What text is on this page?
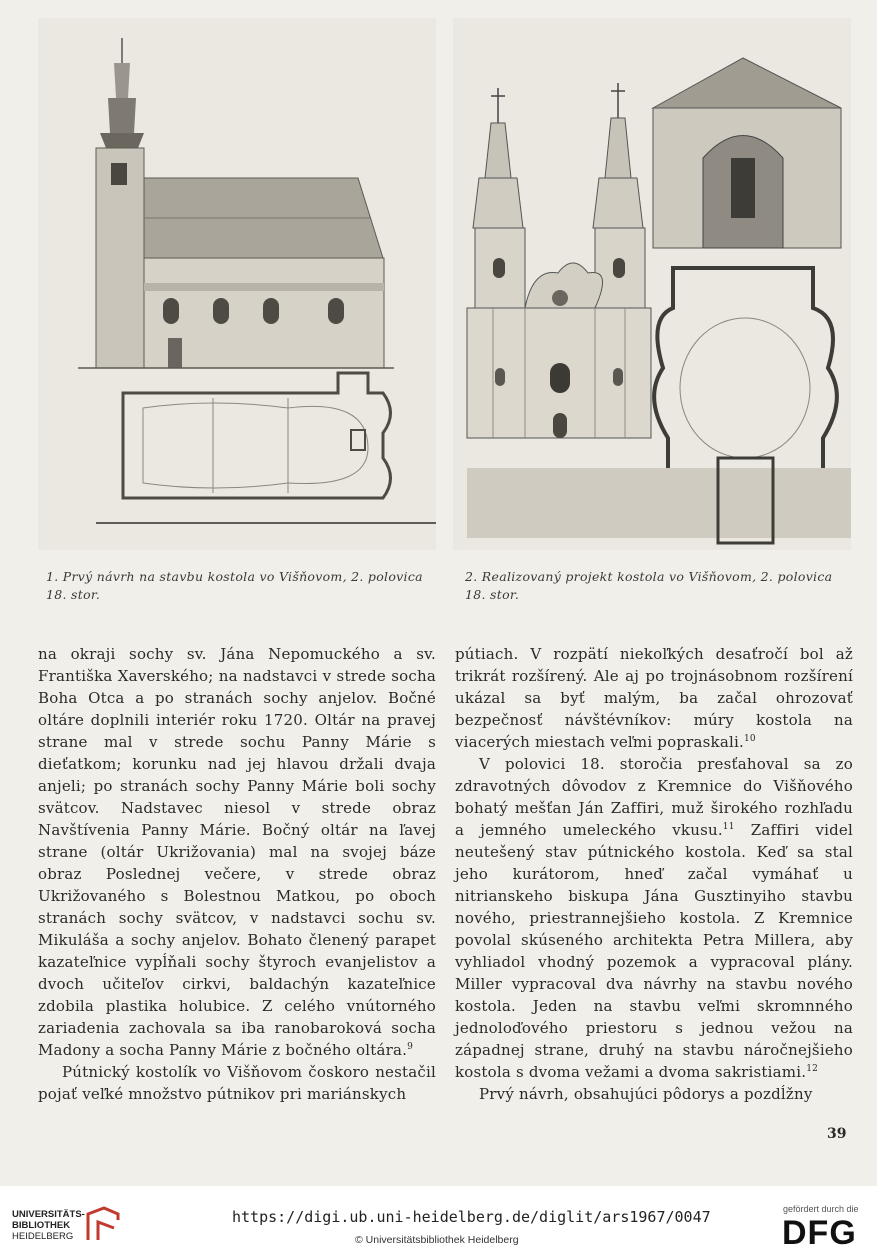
1. Prvý návrh na stavbu kostola vo Višňovom, 2. polovica 18. stor.
2. Realizovaný projekt kostola vo Višňovom, 2. polovica 18. stor.

na okraji sochy sv. Jána Nepomuckého a sv. Františka Xaverského; na nadstavci v strede socha Boha Otca a po stranách sochy anjelov. Bočné oltáre doplnili interiér roku 1720. Oltár na pravej strane mal v strede sochu Panny Márie s dieťatkom; korunku nad jej hlavou držali dvaja anjeli; po stranách sochy Panny Márie boli sochy svätcov. Nadstavec niesol v strede obraz Navštívenia Panny Márie. Bočný oltár na ľavej strane (oltár Ukrižovania) mal na svojej báze obraz Poslednej večere, v strede obraz Ukrižovaného s Bolestnou Matkou, po oboch stranách sochy svätcov, v nadstavci sochu sv. Mikuláša a sochy anjelov. Bohato členený parapet kazateľnice vypĺňali sochy štyroch evanjelistov a dvoch učiteľov cirkvi, baldachýn kazateľnice zdobila plastika holubice. Z celého vnútorného zariadenia zachovala sa iba ranobaroková socha Madony a socha Panny Márie z bočného oltára.$^9$

Pútnický kostolík vo Višňovom čoskoro nestačil pojať veľké množstvo pútnikov pri mariánskych

pútiach. V rozpätí niekoľkých desaťročí bol až trikrát rozšírený. Ale aj po trojnásobnom rozšírení ukázal sa byť malým, ba začal ohrozovať bezpečnosť návštévníkov: múry kostola na viacerých miestach veľmi popraskali.$^{10}$

V polovici 18. storočia presťahoval sa zo zdravotných dôvodov z Kremnice do Višňového bohatý mešťan Ján Zaffiri, muž širokého rozhľadu a jemného umeleckého vkusu.$^{11}$ Zaffiri videl neutešený stav pútnického kostola. Keď sa stal jeho kurátorom, hneď začal vymáhať u nitrianskeho biskupa Jána Gusztinyiho stavbu nového, priestrannejšieho kostola. Z Kremnice povolal skúseného architekta Petra Millera, aby vyhliadol vhodný pozemok a vypracoval plány. Miller vypracoval dva návrhy na stavbu nového kostola. Jeden na stavbu veľmi skromnného jednoloďového priestoru s jednou vežou na západnej strane, druhý na stavbu náročnejšieho kostola s dvoma vežami a dvoma sakristiami.$^{12}$

Prvý návrh, obsahujúci pôdorys a pozdĺžny

39
UNIVERSITÄTS-
BIBLIOTHEK
HEIDELBERG
https://digi.ub.uni-heidelberg.de/diglit/ars1967/0047
© Universitätsbibliothek Heidelberg
gefördert durch die
DFG
